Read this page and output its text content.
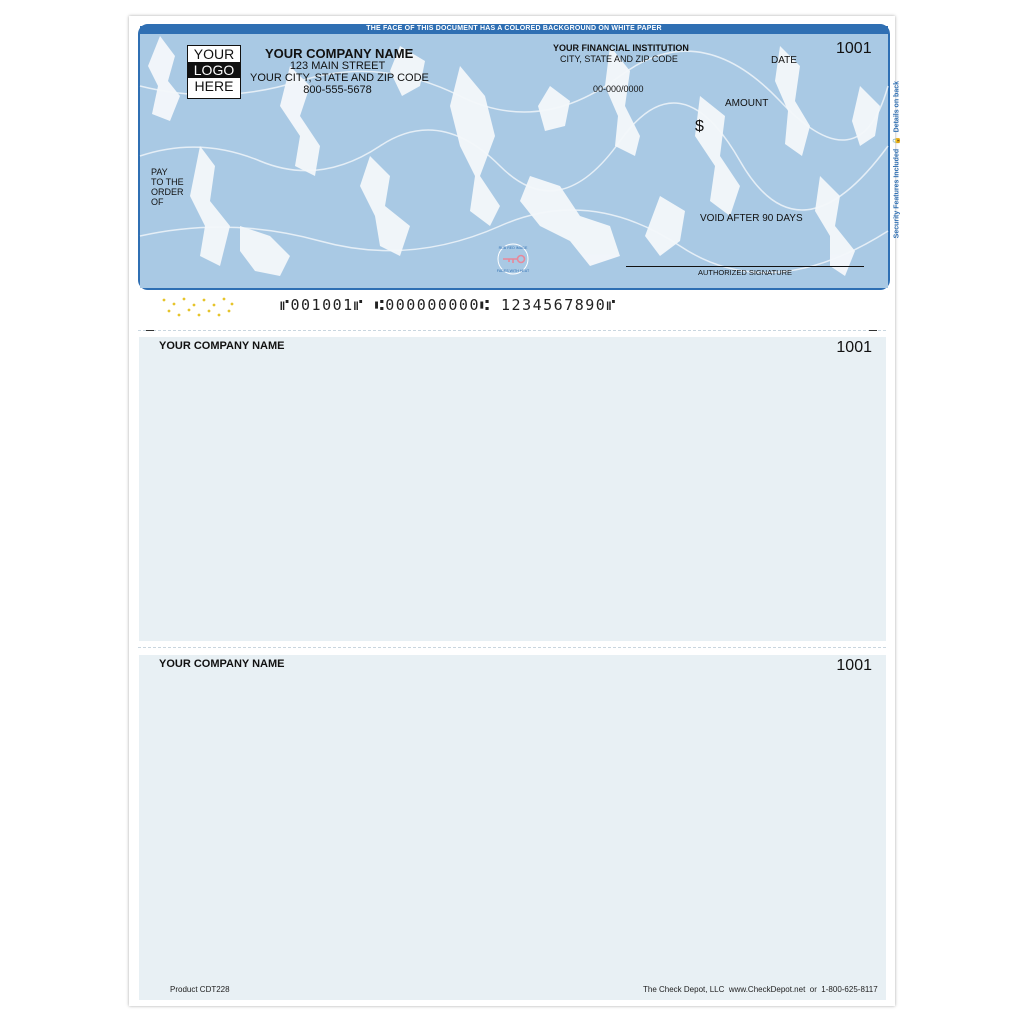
THE FACE OF THIS DOCUMENT HAS A COLORED BACKGROUND ON WHITE PAPER
YOUR
LOGO
HERE
YOUR COMPANY NAME
123 MAIN STREET
YOUR CITY, STATE AND ZIP CODE
800-555-5678
YOUR FINANCIAL INSTITUTION
CITY, STATE AND ZIP CODE
00-000/0000
1001
DATE
AMOUNT
$
PAY
TO THE
ORDER
OF
VOID AFTER 90 DAYS
AUTHORIZED SIGNATURE
RUB RED IMAGE
FADES WITH HEAT
Security Features Included  🔒  Details on back
⑈001001⑈ ⑆000000000⑆ 1234567890⑈
YOUR COMPANY NAME	1001
YOUR COMPANY NAME	1001
Product CDT228	The Check Depot, LLC  www.CheckDepot.net  or  1-800-625-8117
